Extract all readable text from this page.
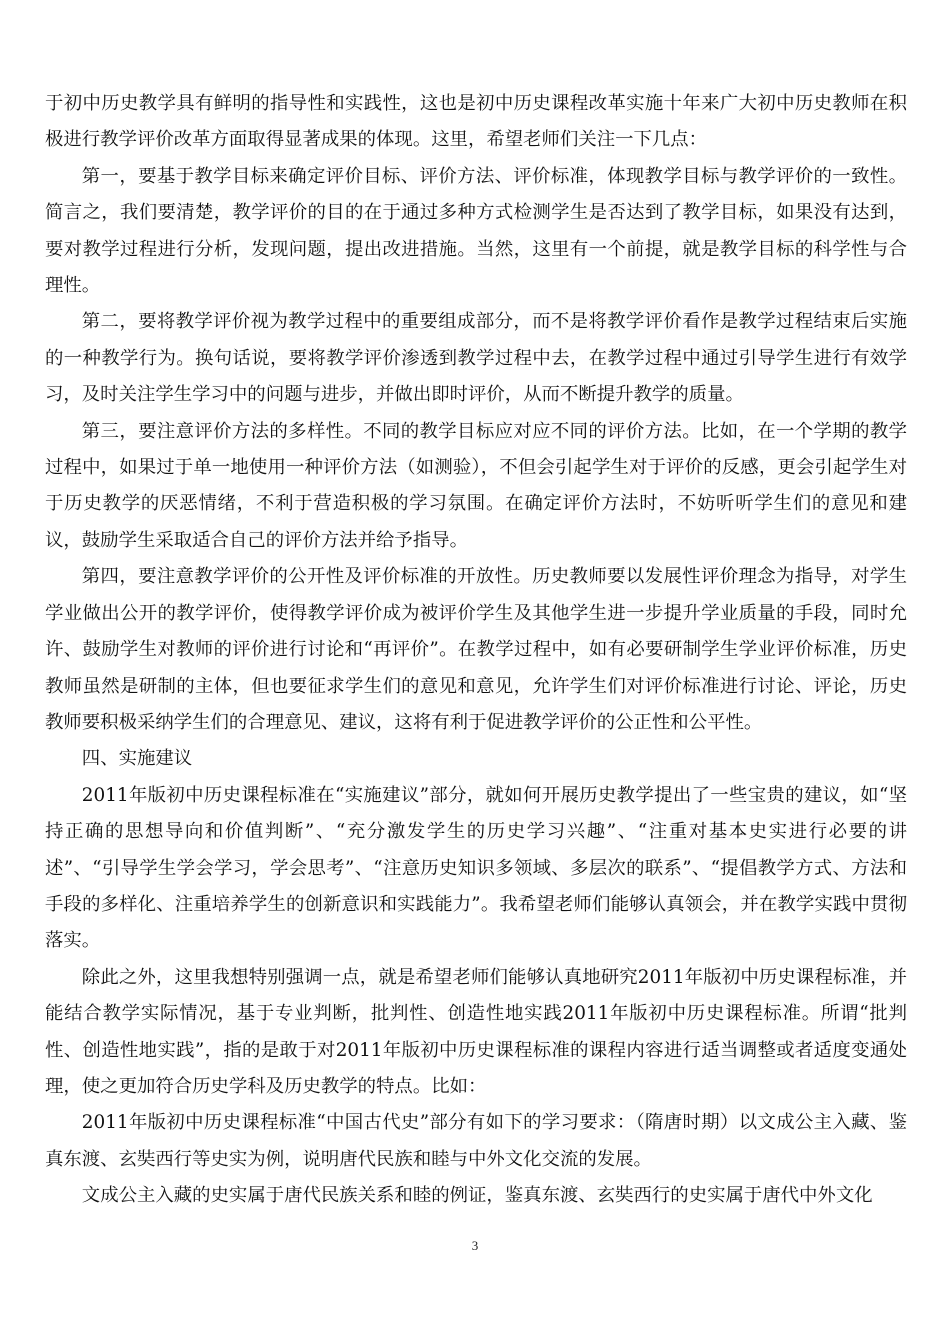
于初中历史教学具有鲜明的指导性和实践性，这也是初中历史课程改革实施十年来广大初中历史教师在积极进行教学评价改革方面取得显著成果的体现。这里，希望老师们关注一下几点：

第一，要基于教学目标来确定评价目标、评价方法、评价标准，体现教学目标与教学评价的一致性。简言之，我们要清楚，教学评价的目的在于通过多种方式检测学生是否达到了教学目标，如果没有达到，要对教学过程进行分析，发现问题，提出改进措施。当然，这里有一个前提，就是教学目标的科学性与合理性。

第二，要将教学评价视为教学过程中的重要组成部分，而不是将教学评价看作是教学过程结束后实施的一种教学行为。换句话说，要将教学评价渗透到教学过程中去，在教学过程中通过引导学生进行有效学习，及时关注学生学习中的问题与进步，并做出即时评价，从而不断提升教学的质量。

第三，要注意评价方法的多样性。不同的教学目标应对应不同的评价方法。比如，在一个学期的教学过程中，如果过于单一地使用一种评价方法（如测验），不但会引起学生对于评价的反感，更会引起学生对于历史教学的厌恶情绪，不利于营造积极的学习氛围。在确定评价方法时，不妨听听学生们的意见和建议，鼓励学生采取适合自己的评价方法并给予指导。

第四，要注意教学评价的公开性及评价标准的开放性。历史教师要以发展性评价理念为指导，对学生学业做出公开的教学评价，使得教学评价成为被评价学生及其他学生进一步提升学业质量的手段，同时允许、鼓励学生对教师的评价进行讨论和“再评价”。在教学过程中，如有必要研制学生学业评价标准，历史教师虽然是研制的主体，但也要征求学生们的意见和意见，允许学生们对评价标准进行讨论、评论，历史教师要积极采纳学生们的合理意见、建议，这将有利于促进教学评价的公正性和公平性。

四、实施建议

2011年版初中历史课程标准在“实施建议”部分，就如何开展历史教学提出了一些宝贵的建议，如“坚持正确的思想导向和价值判断”、“充分激发学生的历史学习兴趣”、“注重对基本史实进行必要的讲述”、“引导学生学会学习，学会思考”、“注意历史知识多领域、多层次的联系”、“提倡教学方式、方法和手段的多样化、注重培养学生的创新意识和实践能力”。我希望老师们能够认真领会，并在教学实践中贯彻落实。

除此之外，这里我想特别强调一点，就是希望老师们能够认真地研究2011年版初中历史课程标准，并能结合教学实际情况，基于专业判断，批判性、创造性地实践2011年版初中历史课程标准。所谓“批判性、创造性地实践”，指的是敢于对2011年版初中历史课程标准的课程内容进行适当调整或者适度变通处理，使之更加符合历史学科及历史教学的特点。比如：

2011年版初中历史课程标准“中国古代史”部分有如下的学习要求：（隋唐时期）以文成公主入藏、鉴真东渡、玄奘西行等史实为例，说明唐代民族和睦与中外文化交流的发展。

文成公主入藏的史实属于唐代民族关系和睦的例证，鉴真东渡、玄奘西行的史实属于唐代中外文化

3
